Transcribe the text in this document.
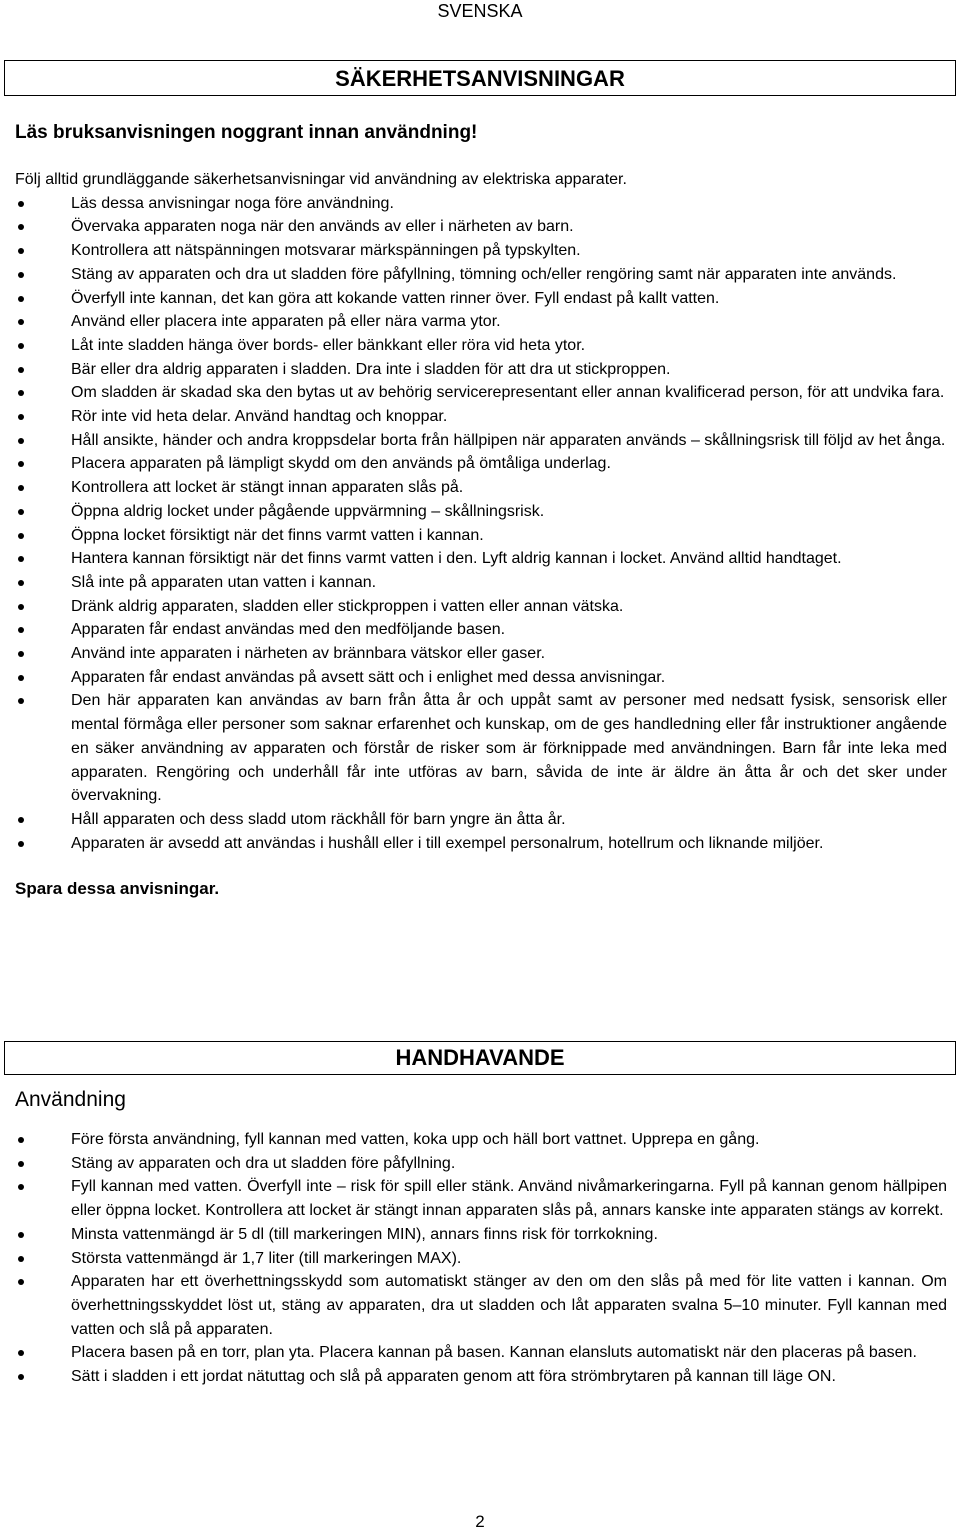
SVENSKA
SÄKERHETSANVISNINGAR

Läs bruksanvisningen noggrant innan användning!

Följ alltid grundläggande säkerhetsanvisningar vid användning av elektriska apparater.

Läs dessa anvisningar noga före användning.
Övervaka apparaten noga när den används av eller i närheten av barn.
Kontrollera att nätspänningen motsvarar märkspänningen på typskylten.
Stäng av apparaten och dra ut sladden före påfyllning, tömning och/eller rengöring samt när apparaten inte används.
Överfyll inte kannan, det kan göra att kokande vatten rinner över. Fyll endast på kallt vatten.
Använd eller placera inte apparaten på eller nära varma ytor.
Låt inte sladden hänga över bords- eller bänkkant eller röra vid heta ytor.
Bär eller dra aldrig apparaten i sladden. Dra inte i sladden för att dra ut stickproppen.
Om sladden är skadad ska den bytas ut av behörig servicerepresentant eller annan kvalificerad person, för att undvika fara.
Rör inte vid heta delar. Använd handtag och knoppar.
Håll ansikte, händer och andra kroppsdelar borta från hällpipen när apparaten används – skållningsrisk till följd av het ånga.
Placera apparaten på lämpligt skydd om den används på ömtåliga underlag.
Kontrollera att locket är stängt innan apparaten slås på.
Öppna aldrig locket under pågående uppvärmning – skållningsrisk.
Öppna locket försiktigt när det finns varmt vatten i kannan.
Hantera kannan försiktigt när det finns varmt vatten i den. Lyft aldrig kannan i locket. Använd alltid handtaget.
Slå inte på apparaten utan vatten i kannan.
Dränk aldrig apparaten, sladden eller stickproppen i vatten eller annan vätska.
Apparaten får endast användas med den medföljande basen.
Använd inte apparaten i närheten av brännbara vätskor eller gaser.
Apparaten får endast användas på avsett sätt och i enlighet med dessa anvisningar.
Den här apparaten kan användas av barn från åtta år och uppåt samt av personer med nedsatt fysisk, sensorisk eller mental förmåga eller personer som saknar erfarenhet och kunskap, om de ges handledning eller får instruktioner angående en säker användning av apparaten och förstår de risker som är förknippade med användningen. Barn får inte leka med apparaten. Rengöring och underhåll får inte utföras av barn, såvida de inte är äldre än åtta år och det sker under övervakning.
Håll apparaten och dess sladd utom räckhåll för barn yngre än åtta år.
Apparaten är avsedd att användas i hushåll eller i till exempel personalrum, hotellrum och liknande miljöer.

Spara dessa anvisningar.

HANDHAVANDE

Användning

Före första användning, fyll kannan med vatten, koka upp och häll bort vattnet. Upprepa en gång.
Stäng av apparaten och dra ut sladden före påfyllning.
Fyll kannan med vatten. Överfyll inte – risk för spill eller stänk. Använd nivåmarkeringarna. Fyll på kannan genom hällpipen eller öppna locket. Kontrollera att locket är stängt innan apparaten slås på, annars kanske inte apparaten stängs av korrekt.
Minsta vattenmängd är 5 dl (till markeringen MIN), annars finns risk för torrkokning.
Största vattenmängd är 1,7 liter (till markeringen MAX).
Apparaten har ett överhettningsskydd som automatiskt stänger av den om den slås på med för lite vatten i kannan. Om överhettningsskyddet löst ut, stäng av apparaten, dra ut sladden och låt apparaten svalna 5–10 minuter. Fyll kannan med vatten och slå på apparaten.
Placera basen på en torr, plan yta. Placera kannan på basen. Kannan elansluts automatiskt när den placeras på basen.
Sätt i sladden i ett jordat nätuttag och slå på apparaten genom att föra strömbrytaren på kannan till läge ON.
2
